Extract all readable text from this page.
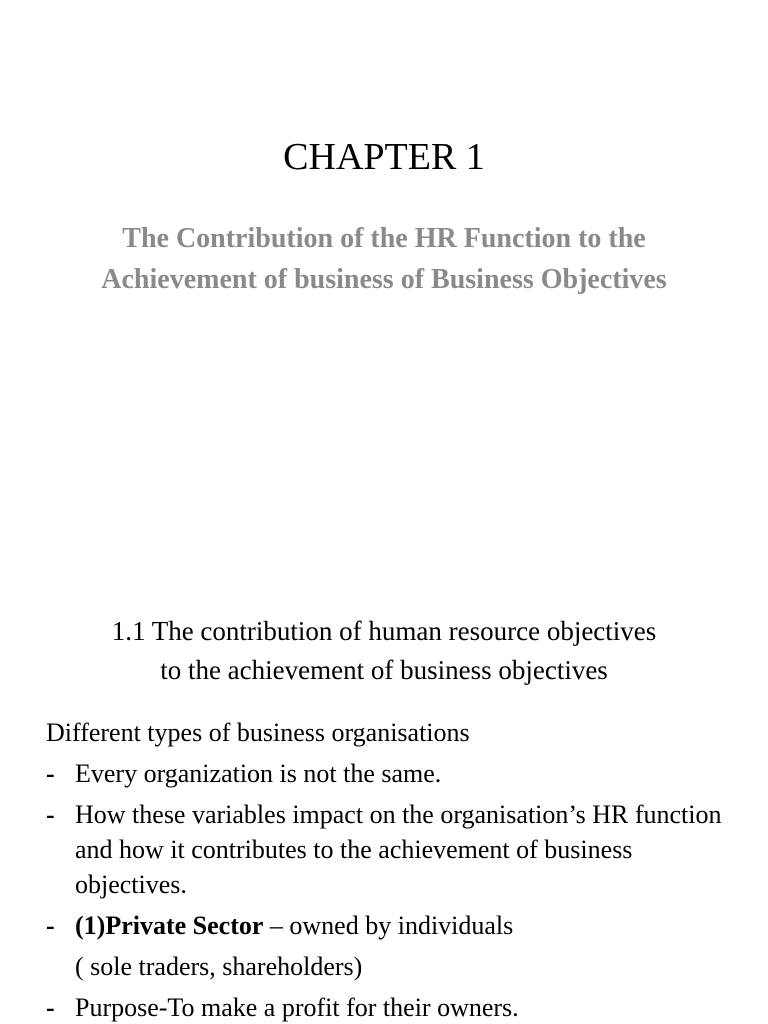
CHAPTER 1

The Contribution of the HR Function to the Achievement of business of Business Objectives

1.1 The contribution of human resource objectives
to the achievement of business objectives

Different types of business organisations

- Every organization is not the same.
- How these variables impact on the organisation’s HR function and how it contributes to the achievement of business objectives.
- (1)Private Sector – owned by individuals
( sole traders, shareholders)
- Purpose-To make a profit for their owners.
